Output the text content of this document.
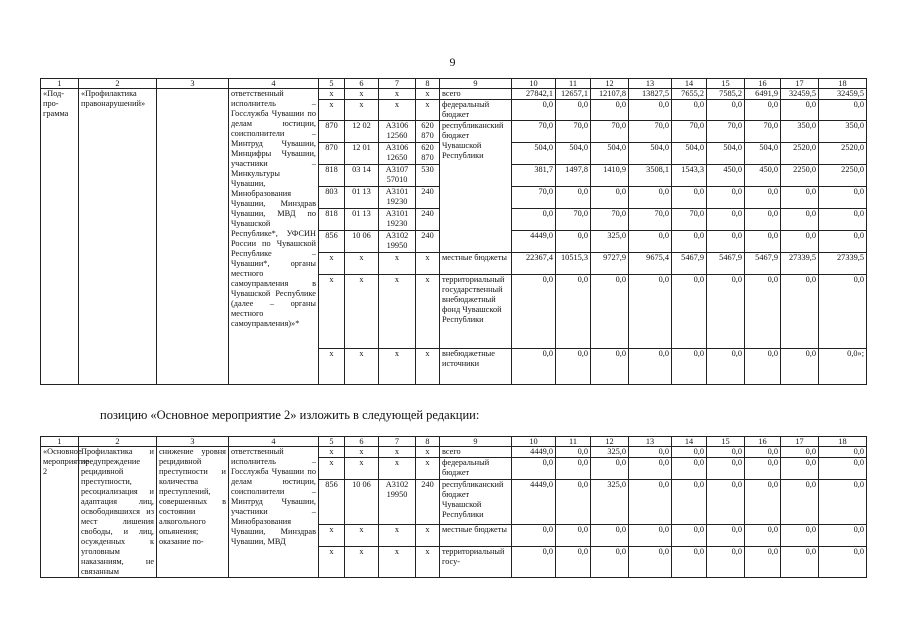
9
1	2	3	4	5	6	7	8	9	10	11	12	13	14	15	16	17	18
«Под-про-грамма	«Профилактика правонарушений»		ответственный исполнитель – Госслужба Чувашии по делам юстиции, соисполнители – Минтруд Чувашии, Минцифры Чувашии, участники – Минкультуры Чувашии, Минобразования Чувашии, Минздрав Чувашии, МВД по Чувашской Республике*, УФСИН России по Чувашской Республике – Чувашии*, органы местного самоуправления в Чувашской Республике (далее – органы местного самоуправления)»*	х	х	х	х	всего	27842,1	12657,1	12107,8	13827,5	7655,2	7585,2	6491,9	32459,5	32459,5
				х	х	х	х	федеральный бюджет	0,0	0,0	0,0	0,0	0,0	0,0	0,0	0,0	0,0
				870	12 02	А3106 12560	620 870	республиканский бюджет Чувашской Республики	70,0	70,0	70,0	70,0	70,0	70,0	70,0	350,0	350,0
				870	12 01	А3106 12650	620 870		504,0	504,0	504,0	504,0	504,0	504,0	504,0	2520,0	2520,0
				818	03 14	А3107 57010	530		381,7	1497,8	1410,9	3508,1	1543,3	450,0	450,0	2250,0	2250,0
				803	01 13	А3101 19230	240		70,0	0,0	0,0	0,0	0,0	0,0	0,0	0,0	0,0
				818	01 13	А3101 19230	240		0,0	70,0	70,0	70,0	70,0	0,0	0,0	0,0	0,0
				856	10 06	А3102 19950	240		4449,0	0,0	325,0	0,0	0,0	0,0	0,0	0,0	0,0
				х	х	х	х	местные бюджеты	22367,4	10515,3	9727,9	9675,4	5467,9	5467,9	5467,9	27339,5	27339,5
				х	х	х	х	территориальный государственный внебюджетный фонд Чувашской Республики	0,0	0,0	0,0	0,0	0,0	0,0	0,0	0,0	0,0
				х	х	х	х	внебюджетные источники	0,0	0,0	0,0	0,0	0,0	0,0	0,0	0,0	0,0»;
позицию «Основное мероприятие 2» изложить в следующей редакции:
1	2	3	4	5	6	7	8	9	10	11	12	13	14	15	16	17	18
«Основное мероприятие 2	Профилактика и предупреждение рецидивной преступности, ресоциализация и адаптация лиц, освободившихся из мест лишения свободы, и лиц, осужденных к уголовным наказаниям, не связанным	снижение уровня рецидивной преступности и количества преступлений, совершенных в состоянии алкогольного опьянения; оказание по-	ответственный исполнитель – Госслужба Чувашии по делам юстиции, соисполнители – Минтруд Чувашии, участники – Минобразования Чувашии, Минздрав Чувашии, МВД	х	х	х	х	всего	4449,0	0,0	325,0	0,0	0,0	0,0	0,0	0,0	0,0
				х	х	х	х	федеральный бюджет	0,0	0,0	0,0	0,0	0,0	0,0	0,0	0,0	0,0
				856	10 06	А3102 19950	240	республиканский бюджет Чувашской Республики	4449,0	0,0	325,0	0,0	0,0	0,0	0,0	0,0	0,0
				х	х	х	х	местные бюджеты	0,0	0,0	0,0	0,0	0,0	0,0	0,0	0,0	0,0
				х	х	х	х	территориальный госу-	0,0	0,0	0,0	0,0	0,0	0,0	0,0	0,0	0,0
